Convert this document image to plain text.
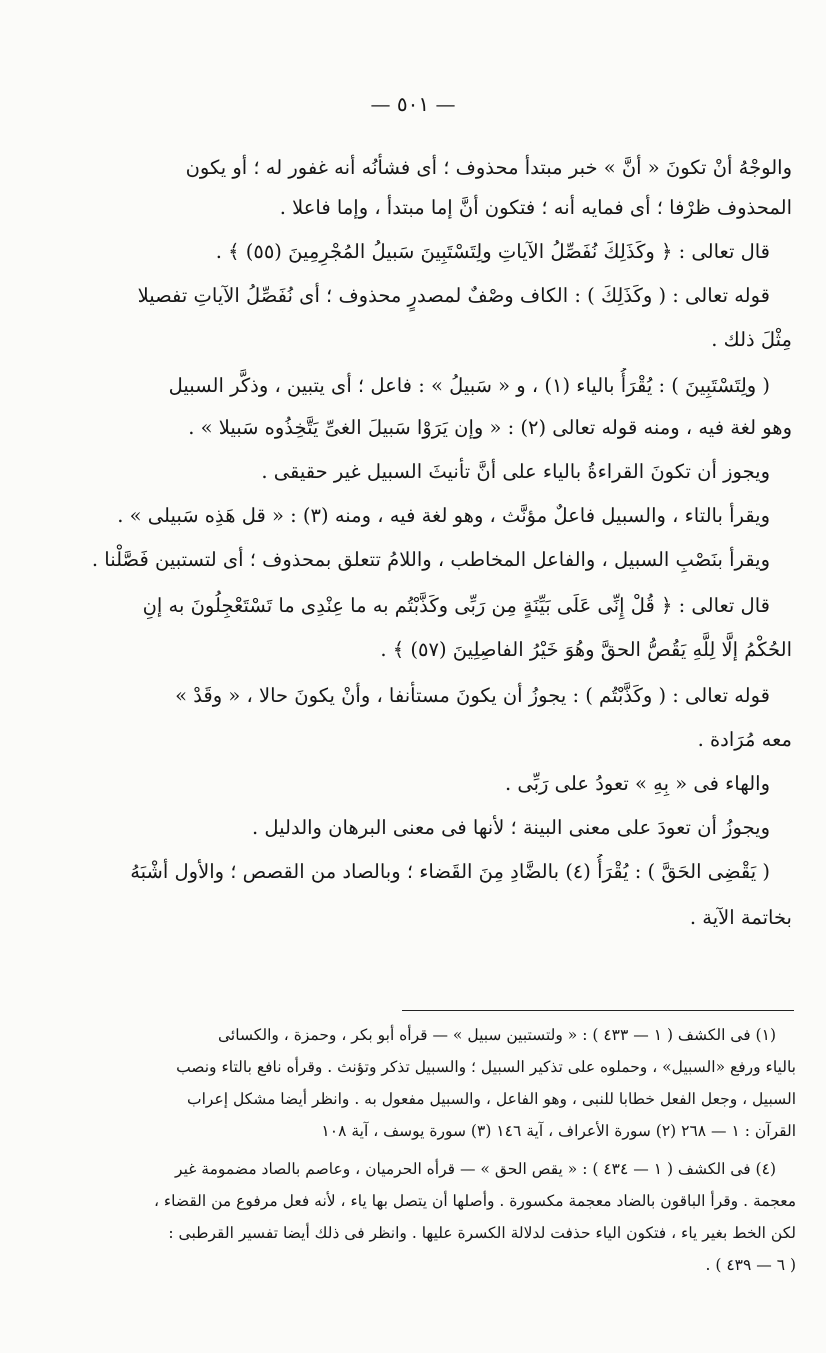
— ٥٠١ —
والوجْهُ أنْ تكونَ « أنَّ » خبر مبتدأ محذوف ؛ أى فشأنُه أنه غفور له ؛ أو يكون
المحذوف ظرْفا ؛ أى فمايه أنه ؛ فتكون أنَّ إما مبتدأ ، وإما فاعلا .
قال تعالى : ﴿ وكَذَلِكَ نُفَصِّلُ الآياتِ ولِتَسْتَبِينَ سَبيلُ المُجْرِمِينَ (٥٥) ﴾ .
قوله تعالى : ( وكَذَلِكَ ) : الكاف وصْفٌ لمصدرٍ محذوف ؛ أى نُفَصِّلُ الآياتِ تفصيلا
مِثْلَ ذلك .
( ولِتَسْتَبِينَ ) : يُقْرَأُ بالياء (١) ، و « سَبيلُ » : فاعل ؛ أى يتبين ، وذكَّر السبيل
وهو لغة فيه ، ومنه قوله تعالى (٢) : « وإن يَرَوْا سَبيلَ الغىِّ يَتَّخِذُوه سَبيلا » .
ويجوز أن تكونَ القراءةُ بالياء على أنَّ تأنيثَ السبيل غير حقيقى .
ويقرأ بالتاء ، والسبيل فاعلٌ مؤنَّث ، وهو لغة فيه ، ومنه (٣) : « قل هَذِه سَبيلى » .
ويقرأ بنَصْبِ السبيل ، والفاعل المخاطب ، واللامُ تتعلق بمحذوف ؛ أى لتستبين فَصَّلْنا .
قال تعالى : ﴿ قُلْ إِنِّى عَلَى بَيِّنَةٍ مِن رَبِّى وكَذَّبْتُم به ما عِنْدِى ما تَسْتَعْجِلُونَ به إنِ
الحُكْمُ إلَّا لِلَّهِ يَقُصُّ الحقَّ وهُوَ خَيْرُ الفاصِلِينَ (٥٧) ﴾ .
قوله تعالى : ( وكَذَّبْتُم ) : يجوزُ أن يكونَ مستأنفا ، وأنْ يكونَ حالا ، « وقَدْ »
معه مُرَادة .
والهاء فى « بِهِ » تعودُ على رَبِّى .
ويجوزُ أن تعودَ على معنى البينة ؛ لأنها فى معنى البرهان والدليل .
( يَقْضِى الحَقَّ ) : يُقْرَأُ (٤) بالضَّادِ مِنَ القَضاء ؛ وبالصاد من القصص ؛ والأول أشْبَهُ
بخاتمة الآية .
(١) فى الكشف ( ١ — ٤٣٣ ) : « ولتستبين سبيل » — قرأه أبو بكر ، وحمزة ، والكسائى
بالياء ورفع «السبيل» ، وحملوه على تذكير السبيل ؛ والسبيل تذكر وتؤنث . وقرأه نافع بالتاء ونصب
السبيل ، وجعل الفعل خطابا للنبى ، وهو الفاعل ، والسبيل مفعول به . وانظر أيضا مشكل إعراب
القرآن : ١ — ٢٦٨ (٢) سورة الأعراف ، آية ١٤٦ (٣) سورة يوسف ، آية ١٠٨
(٤) فى الكشف ( ١ — ٤٣٤ ) : « يقص الحق » — قرأه الحرميان ، وعاصم بالصاد مضمومة غير
معجمة . وقرأ الباقون بالضاد معجمة مكسورة . وأصلها أن يتصل بها ياء ، لأنه فعل مرفوع من القضاء ،
لكن الخط بغير ياء ، فتكون الياء حذفت لدلالة الكسرة عليها . وانظر فى ذلك أيضا تفسير القرطبى :
( ٦ — ٤٣٩ ) .
